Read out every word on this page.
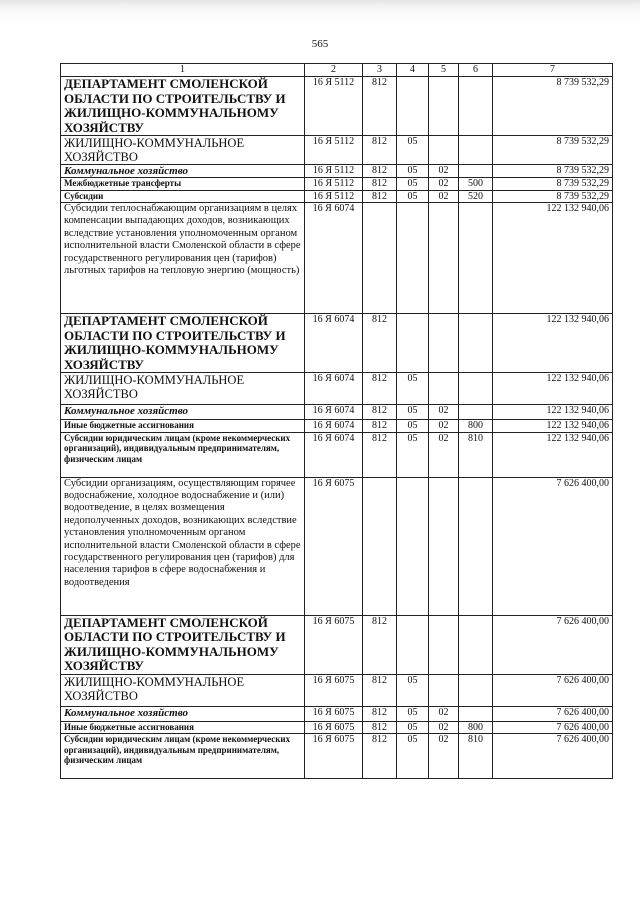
565
1	2	3	4	5	6	7
ДЕПАРТАМЕНТ СМОЛЕНСКОЙ ОБЛАСТИ ПО СТРОИТЕЛЬСТВУ И ЖИЛИЩНО-КОММУНАЛЬНОМУ ХОЗЯЙСТВУ	16 Я 5112	812				8 739 532,29
ЖИЛИЩНО-КОММУНАЛЬНОЕ ХОЗЯЙСТВО	16 Я 5112	812	05			8 739 532,29
Коммунальное хозяйство	16 Я 5112	812	05	02		8 739 532,29
Межбюджетные трансферты	16 Я 5112	812	05	02	500	8 739 532,29
Субсидии	16 Я 5112	812	05	02	520	8 739 532,29
Субсидии теплоснабжающим организациям в целях компенсации выпадающих доходов, возникающих вследствие установления уполномоченным органом исполнительной власти Смоленской области в сфере государственного регулирования цен (тарифов) льготных тарифов на тепловую энергию (мощность)	16 Я 6074					122 132 940,06
ДЕПАРТАМЕНТ СМОЛЕНСКОЙ ОБЛАСТИ ПО СТРОИТЕЛЬСТВУ И ЖИЛИЩНО-КОММУНАЛЬНОМУ ХОЗЯЙСТВУ	16 Я 6074	812				122 132 940,06
ЖИЛИЩНО-КОММУНАЛЬНОЕ ХОЗЯЙСТВО	16 Я 6074	812	05			122 132 940,06
Коммунальное хозяйство	16 Я 6074	812	05	02		122 132 940,06
Иные бюджетные ассигнования	16 Я 6074	812	05	02	800	122 132 940,06
Субсидии юридическим лицам (кроме некоммерческих организаций), индивидуальным предпринимателям, физическим лицам	16 Я 6074	812	05	02	810	122 132 940,06
Субсидии организациям, осуществляющим горячее водоснабжение, холодное водоснабжение и (или) водоотведение, в целях возмещения недополученных доходов, возникающих вследствие установления уполномоченным органом исполнительной власти Смоленской области в сфере государственного регулирования цен (тарифов) для населения тарифов в сфере водоснабжения и водоотведения	16 Я 6075					7 626 400,00
ДЕПАРТАМЕНТ СМОЛЕНСКОЙ ОБЛАСТИ ПО СТРОИТЕЛЬСТВУ И ЖИЛИЩНО-КОММУНАЛЬНОМУ ХОЗЯЙСТВУ	16 Я 6075	812				7 626 400,00
ЖИЛИЩНО-КОММУНАЛЬНОЕ ХОЗЯЙСТВО	16 Я 6075	812	05			7 626 400,00
Коммунальное хозяйство	16 Я 6075	812	05	02		7 626 400,00
Иные бюджетные ассигнования	16 Я 6075	812	05	02	800	7 626 400,00
Субсидии юридическим лицам (кроме некоммерческих организаций), индивидуальным предпринимателям, физическим лицам	16 Я 6075	812	05	02	810	7 626 400,00
